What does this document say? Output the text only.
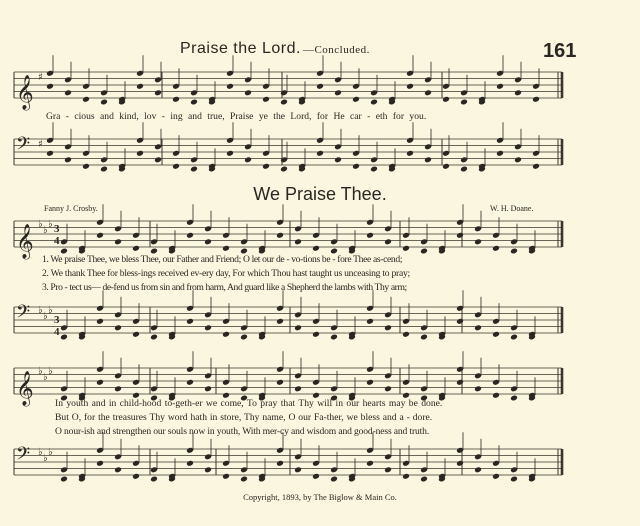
Praise the Lord. —Concluded.	161
𝄞 ♯
𝄢 ♯
𝄞 ♭
♭
♭
𝄢 ♭
♭
♭
𝄞 ♭
♭
♭
𝄢 ♭
♭
♭
3
4
3
4
Gra - cious and kind, lov - ing and true, Praise ye the Lord, for He car - eth for you.
We Praise Thee.
Fanny J. Crosby.	W. H. Doane.
1. We praise Thee, we bless Thee, our Father and Friend; O let our de - vo-tions be - fore Thee as-cend;
2. We thank Thee for bless-ings received ev-ery day, For which Thou hast taught us unceasing to pray;
3. Pro - tect us— de-fend us from sin and from harm, And guard like a Shepherd the lambs with Thy arm;
In youth and in child-hood to-geth-er we come, To pray that Thy will in our hearts may be done.
But O, for the treasures Thy word hath in store, Thy name, O our Fa-ther, we bless and a - dore.
O nour-ish and strengthen our souls now in youth, With mer-cy and wisdom and good-ness and truth.
Copyright, 1893, by The Biglow & Main Co.
